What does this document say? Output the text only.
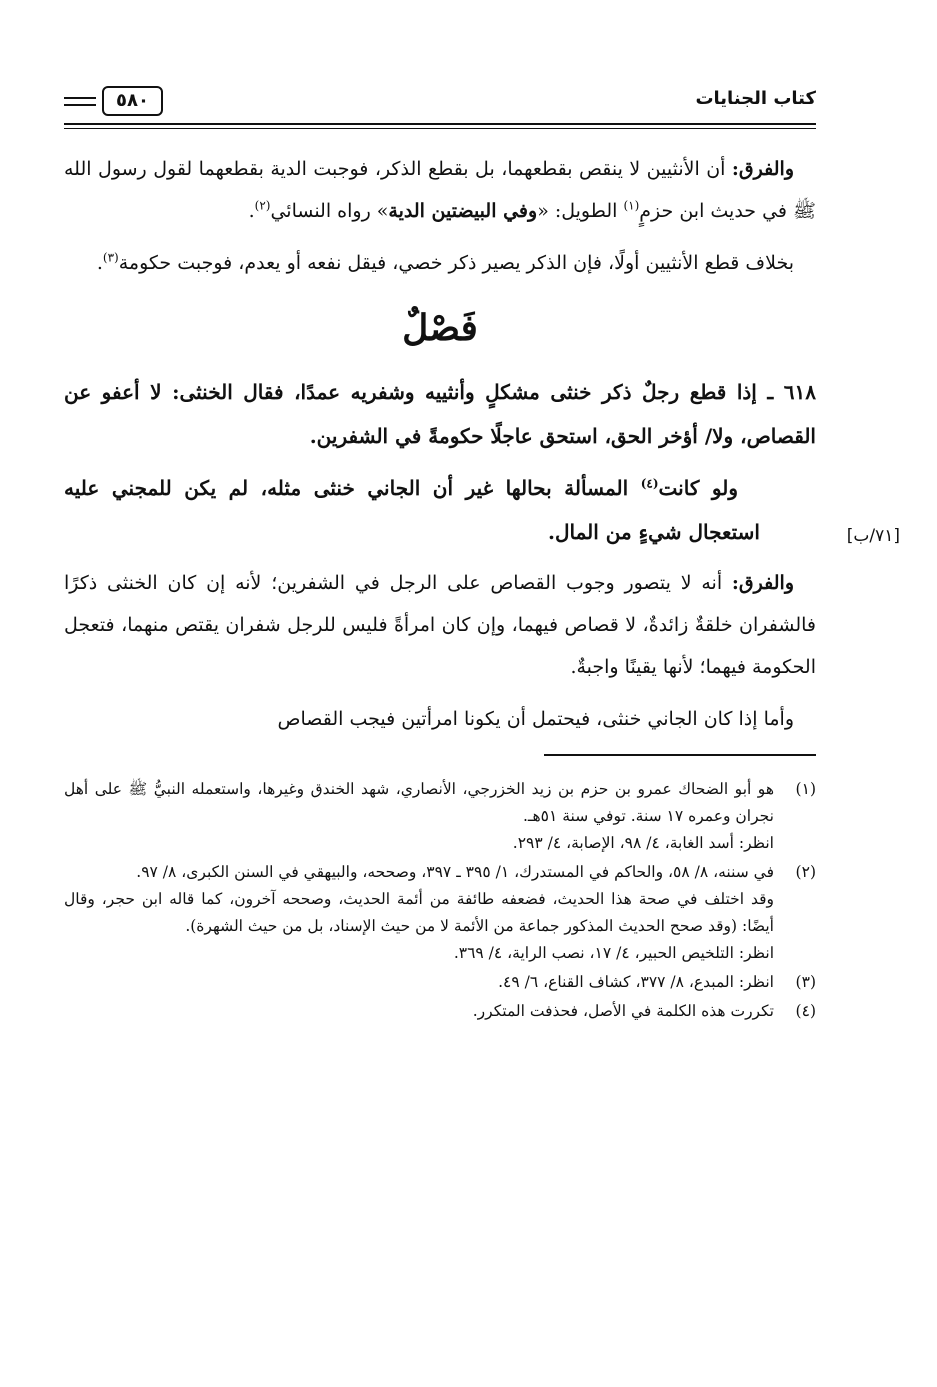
كتاب الجنايات
٥٨٠

والفرق: أن الأنثيين لا ينقص بقطعهما، بل بقطع الذكر، فوجبت الدية بقطعهما لقول رسول الله ﷺ في حديث ابن حزمٍ$^{(١)}$ الطويل: «وفي البيضتين الدية» رواه النسائي$^{(٢)}$.

بخلاف قطع الأنثيين أولًا، فإن الذكر يصير ذكر خصي، فيقل نفعه أو يعدم، فوجبت حكومة$^{(٣)}$.

فَصْلٌ

٦١٨ ـ إذا قطع رجلٌ ذكر خنثى مشكلٍ وأنثييه وشفريه عمدًا، فقال الخنثى: لا أعفو عن القصاص، ولا/ أؤخر الحق، استحق عاجلًا حكومةً في الشفرين.

ولو كانت$^{(٤)}$ المسألة بحالها غير أن الجاني خنثى مثله، لم يكن للمجني عليه استعجال شيءٍ من المال.

والفرق: أنه لا يتصور وجوب القصاص على الرجل في الشفرين؛ لأنه إن كان الخنثى ذكرًا فالشفران خلقةٌ زائدةٌ، لا قصاص فيهما، وإن كان امرأةً فليس للرجل شفران يقتص منهما، فتعجل الحكومة فيهما؛ لأنها يقينًا واجبةٌ.

وأما إذا كان الجاني خنثى، فيحتمل أن يكونا امرأتين فيجب القصاص

[٧١/ب]
(١)
هو أبو الضحاك عمرو بن حزم بن زيد الخزرجي، الأنصاري، شهد الخندق وغيرها، واستعمله النبيُّ ﷺ على أهل نجران وعمره ١٧ سنة. توفي سنة ٥١هـ.
انظر: أسد الغابة، ٤/ ٩٨، الإصابة، ٤/ ٢٩٣.
(٢)
في سننه، ٨/ ٥٨، والحاكم في المستدرك، ١/ ٣٩٥ ـ ٣٩٧، وصححه، والبيهقي في السنن الكبرى، ٨/ ٩٧.
وقد اختلف في صحة هذا الحديث، فضعفه طائفة من أئمة الحديث، وصححه آخرون، كما قاله ابن حجر، وقال أيضًا: (وقد صحح الحديث المذكور جماعة من الأئمة لا من حيث الإسناد، بل من حيث الشهرة).
انظر: التلخيص الحبير، ٤/ ١٧، نصب الراية، ٤/ ٣٦٩.
(٣)
انظر: المبدع، ٨/ ٣٧٧، كشاف القناع، ٦/ ٤٩.
(٤)
تكررت هذه الكلمة في الأصل، فحذفت المتكرر.
